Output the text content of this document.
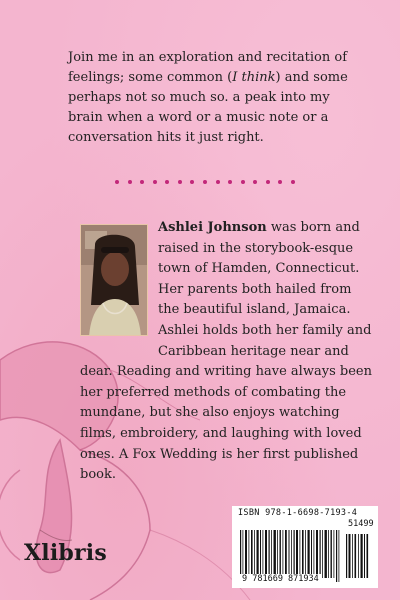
Join me in an exploration and recitation of feelings; some common (I think) and some perhaps not so much so. a peak into my brain when a word or a music note or a conversation hits it just right.

Ashlei Johnson was born and raised in the storybook-esque town of Hamden, Connecticut. Her parents both hailed from the beautiful island, Jamaica. Ashlei holds both her family and Caribbean heritage near and dear. Reading and writing have always been her preferred methods of combating the mundane, but she also enjoys watching films, embroidery, and laughing with loved ones. A Fox Wedding is her first published book.

Xlibris
ISBN 978-1-6698-7193-4
51499
9 781669 871934
